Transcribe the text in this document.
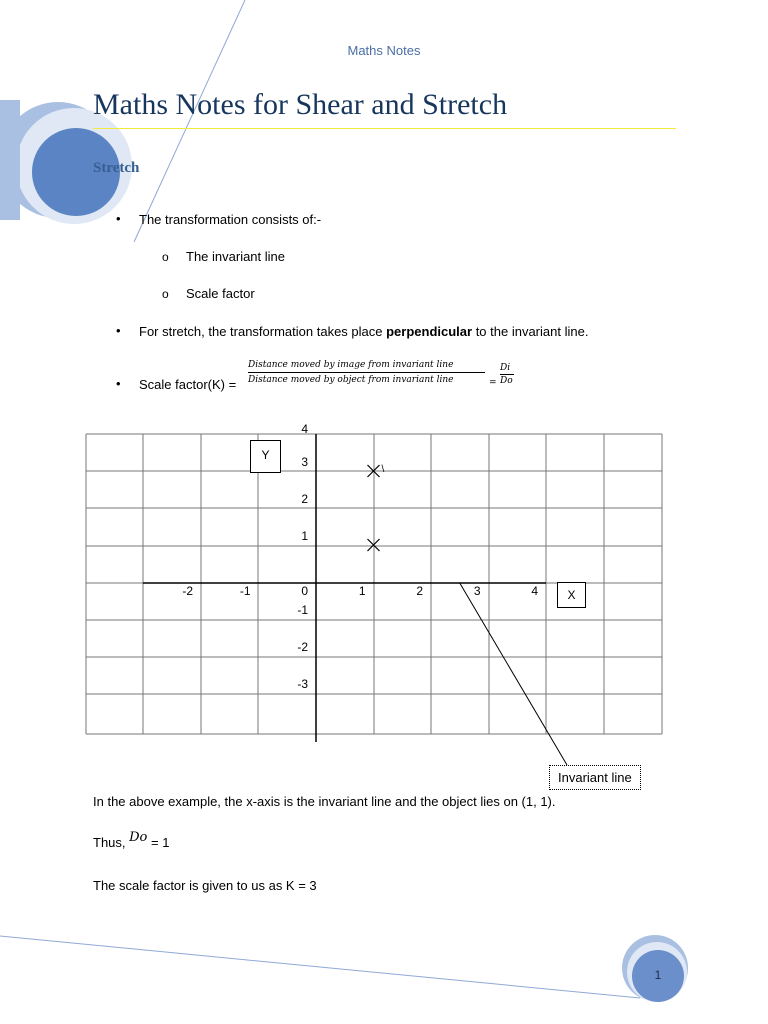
Maths Notes
Maths Notes for Shear and Stretch
Stretch
• The transformation consists of:-
o The invariant line
o Scale factor
• For stretch, the transformation takes place perpendicular to the invariant line.
• Scale factor(K) =
Distance moved by image from invariant line
Distance moved by object from invariant line
Di
Do
=
-2	-1	0	1	2	3	4
4
3
2
1
-1
-2
-3
\
Y
X
Invariant line
In the above example, the x-axis is the invariant line and the object lies on (1, 1).
Thus, Do = 1
The scale factor is given to us as K = 3
1
